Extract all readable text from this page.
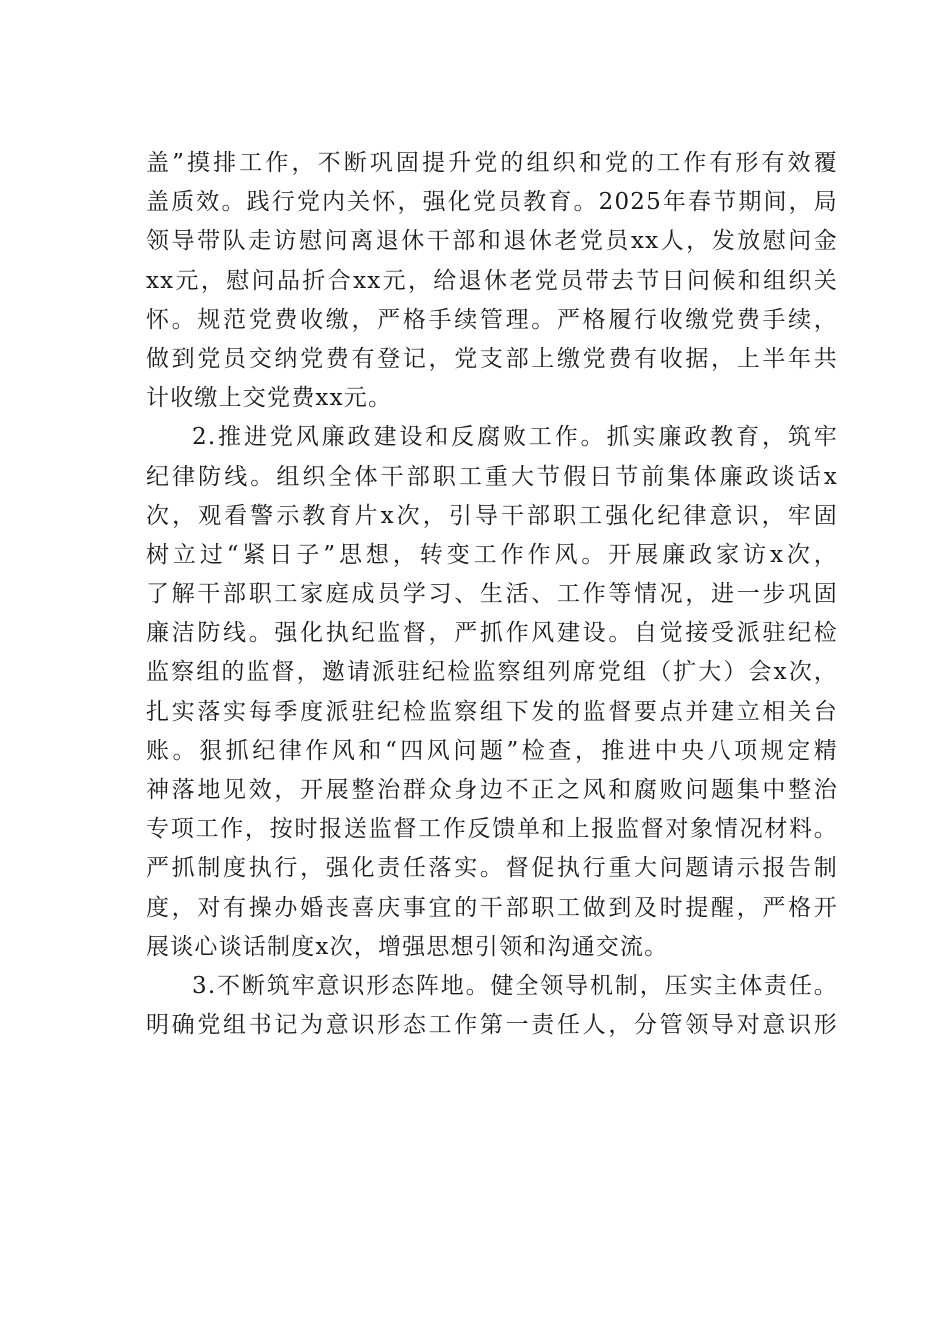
盖”摸排工作，不断巩固提升党的组织和党的工作有形有效覆
盖质效。践行党内关怀，强化党员教育。2025年春节期间，局
领导带队走访慰问离退休干部和退休老党员xx人，发放慰问金
xx元，慰问品折合xx元，给退休老党员带去节日问候和组织关
怀。规范党费收缴，严格手续管理。严格履行收缴党费手续，
做到党员交纳党费有登记，党支部上缴党费有收据，上半年共
计收缴上交党费xx元。
2.推进党风廉政建设和反腐败工作。抓实廉政教育，筑牢
纪律防线。组织全体干部职工重大节假日节前集体廉政谈话x
次，观看警示教育片x次，引导干部职工强化纪律意识，牢固
树立过“紧日子”思想，转变工作作风。开展廉政家访x次，
了解干部职工家庭成员学习、生活、工作等情况，进一步巩固
廉洁防线。强化执纪监督，严抓作风建设。自觉接受派驻纪检
监察组的监督，邀请派驻纪检监察组列席党组（扩大）会x次，
扎实落实每季度派驻纪检监察组下发的监督要点并建立相关台
账。狠抓纪律作风和“四风问题”检查，推进中央八项规定精
神落地见效，开展整治群众身边不正之风和腐败问题集中整治
专项工作，按时报送监督工作反馈单和上报监督对象情况材料。
严抓制度执行，强化责任落实。督促执行重大问题请示报告制
度，对有操办婚丧喜庆事宜的干部职工做到及时提醒，严格开
展谈心谈话制度x次，增强思想引领和沟通交流。
3.不断筑牢意识形态阵地。健全领导机制，压实主体责任。
明确党组书记为意识形态工作第一责任人，分管领导对意识形
